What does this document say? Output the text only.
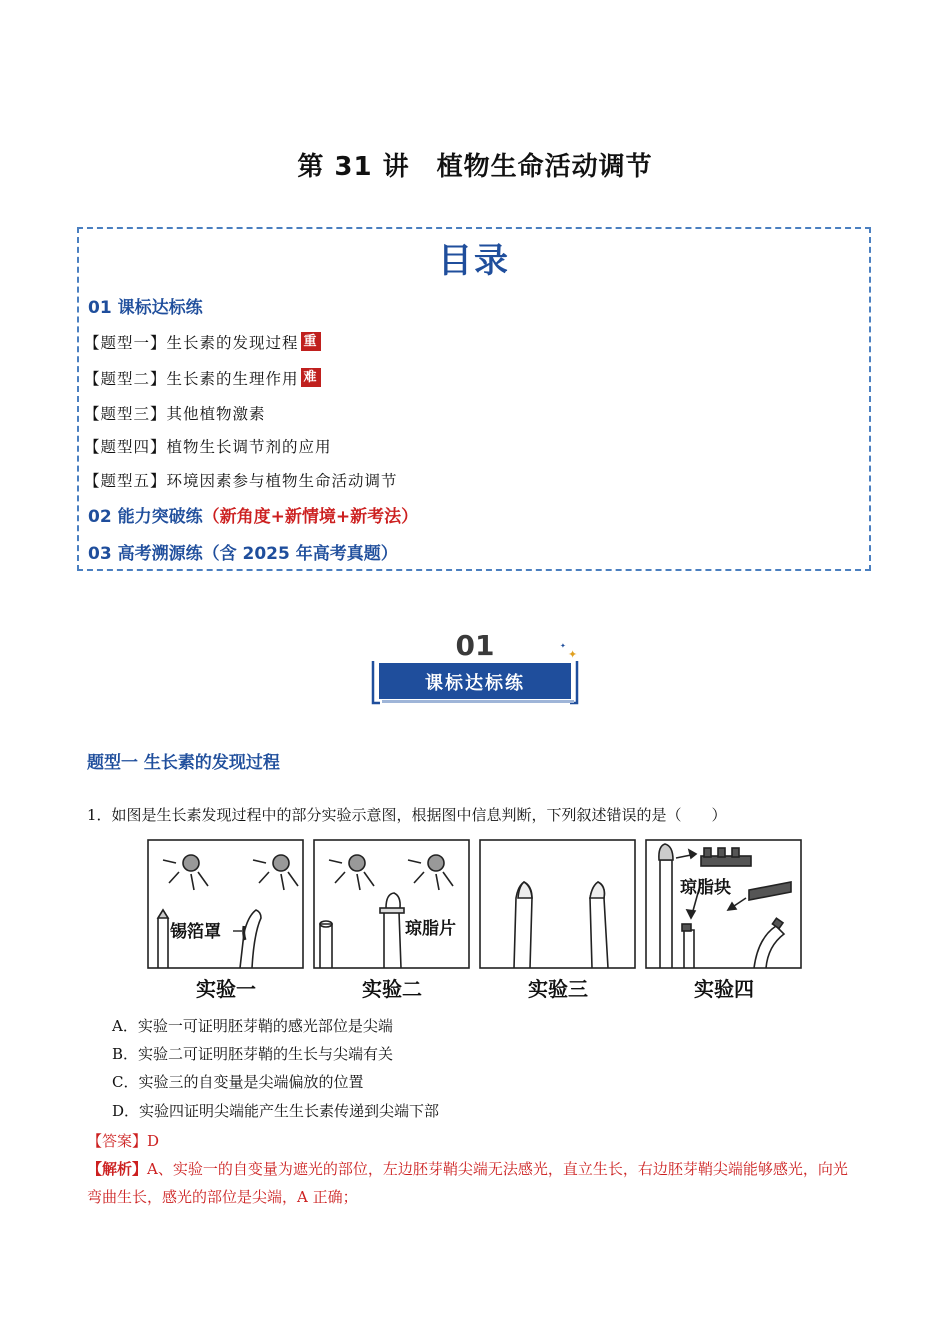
第 31 讲　植物生命活动调节
目录
01 课标达标练
【题型一】生长素的发现过程 重
【题型二】生长素的生理作用 难
【题型三】其他植物激素
【题型四】植物生长调节剂的应用
【题型五】环境因素参与植物生命活动调节
02 能力突破练（新角度+新情境+新考法）
03 高考溯源练（含 2025 年高考真题）
01
课标达标练
✦
✦
题型一 生长素的发现过程
1．如图是生长素发现过程中的部分实验示意图，根据图中信息判断，下列叙述错误的是（　　）
锡箔罩	琼脂片
琼脂块
实验一	实验二	实验三	实验四
A．实验一可证明胚芽鞘的感光部位是尖端
B．实验二可证明胚芽鞘的生长与尖端有关
C．实验三的自变量是尖端偏放的位置
D．实验四证明尖端能产生生长素传递到尖端下部
【答案】D
【解析】A、实验一的自变量为遮光的部位，左边胚芽鞘尖端无法感光，直立生长，右边胚芽鞘尖端能够感光，向光弯曲生长，感光的部位是尖端，A 正确；
